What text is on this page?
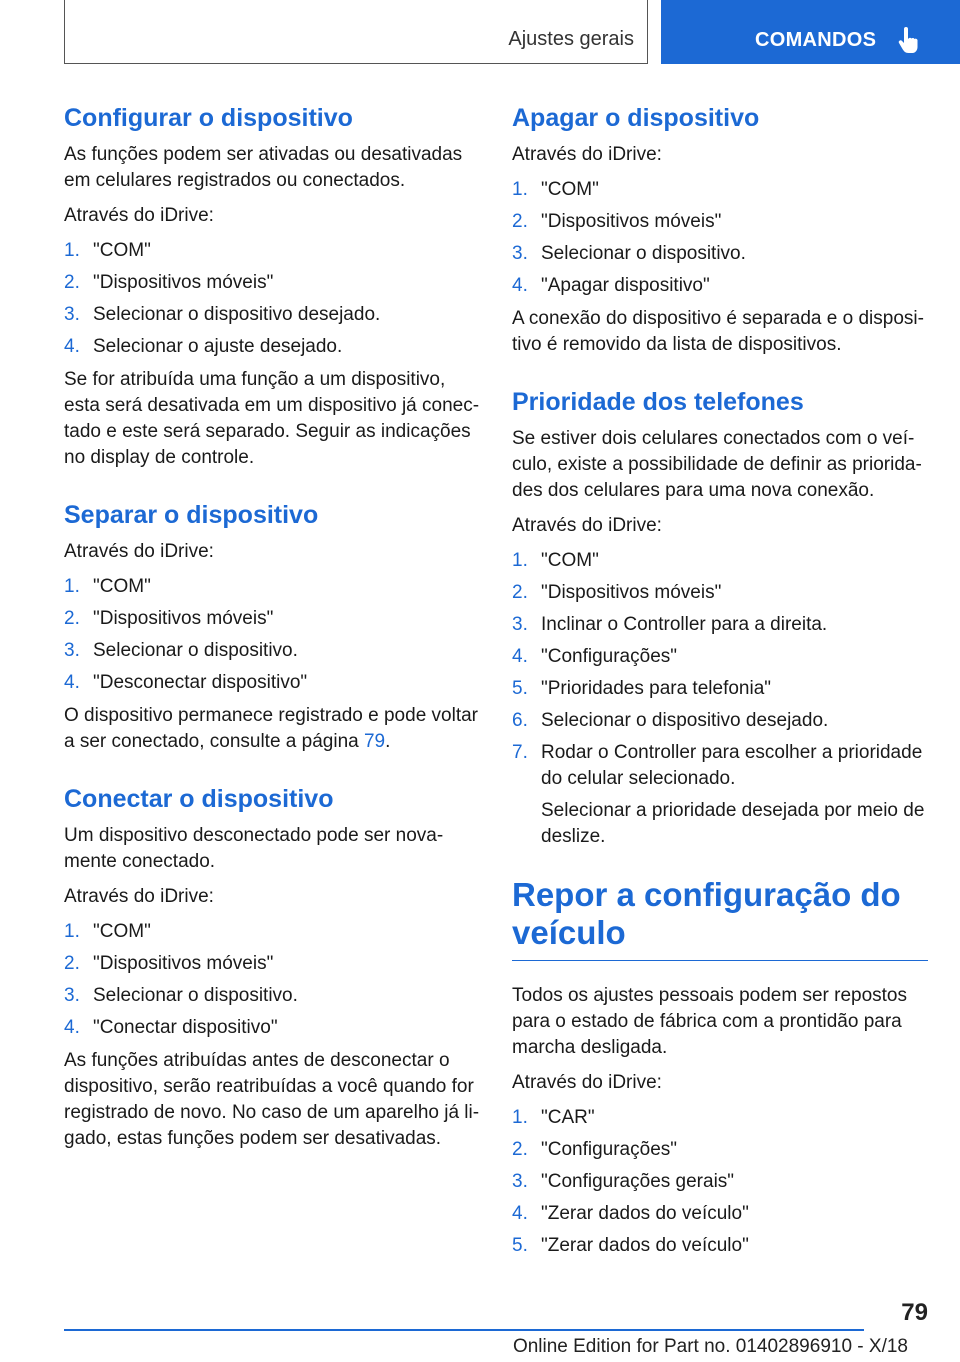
Ajustes gerais	COMANDOS
Configurar o dispositivo

As funções podem ser ativadas ou desativadas em celulares registrados ou conectados.

Através do iDrive:

1. "COM"
2. "Dispositivos móveis"
3. Selecionar o dispositivo desejado.
4. Selecionar o ajuste desejado.

Se for atribuída uma função a um dispositivo, esta será desativada em um dispositivo já conec‐tado e este será separado. Seguir as indicações no display de controle.

Separar o dispositivo

Através do iDrive:

1. "COM"
2. "Dispositivos móveis"
3. Selecionar o dispositivo.
4. "Desconectar dispositivo"

O dispositivo permanece registrado e pode voltar a ser conectado, consulte a página 79.

Conectar o dispositivo

Um dispositivo desconectado pode ser nova‐mente conectado.

Através do iDrive:

1. "COM"
2. "Dispositivos móveis"
3. Selecionar o dispositivo.
4. "Conectar dispositivo"

As funções atribuídas antes de desconectar o dispositivo, serão reatribuídas a você quando for registrado de novo. No caso de um aparelho já li‐gado, estas funções podem ser desativadas.

Apagar o dispositivo

Através do iDrive:

1. "COM"
2. "Dispositivos móveis"
3. Selecionar o dispositivo.
4. "Apagar dispositivo"

A conexão do dispositivo é separada e o disposi‐tivo é removido da lista de dispositivos.

Prioridade dos telefones

Se estiver dois celulares conectados com o veí‐culo, existe a possibilidade de definir as priorida‐des dos celulares para uma nova conexão.

Através do iDrive:

1. "COM"
2. "Dispositivos móveis"
3. Inclinar o Controller para a direita.
4. "Configurações"
5. "Prioridades para telefonia"
6. Selecionar o dispositivo desejado.
7. Rodar o Controller para escolher a prioridade do celular selecionado.
Selecionar a prioridade desejada por meio de deslize.
Repor a configuração do veículo

Todos os ajustes pessoais podem ser repostos para o estado de fábrica com a prontidão para marcha desligada.

Através do iDrive:

1. "CAR"
2. "Configurações"
3. "Configurações gerais"
4. "Zerar dados do veículo"
5. "Zerar dados do veículo"
79
Online Edition for Part no. 01402896910 - X/18
